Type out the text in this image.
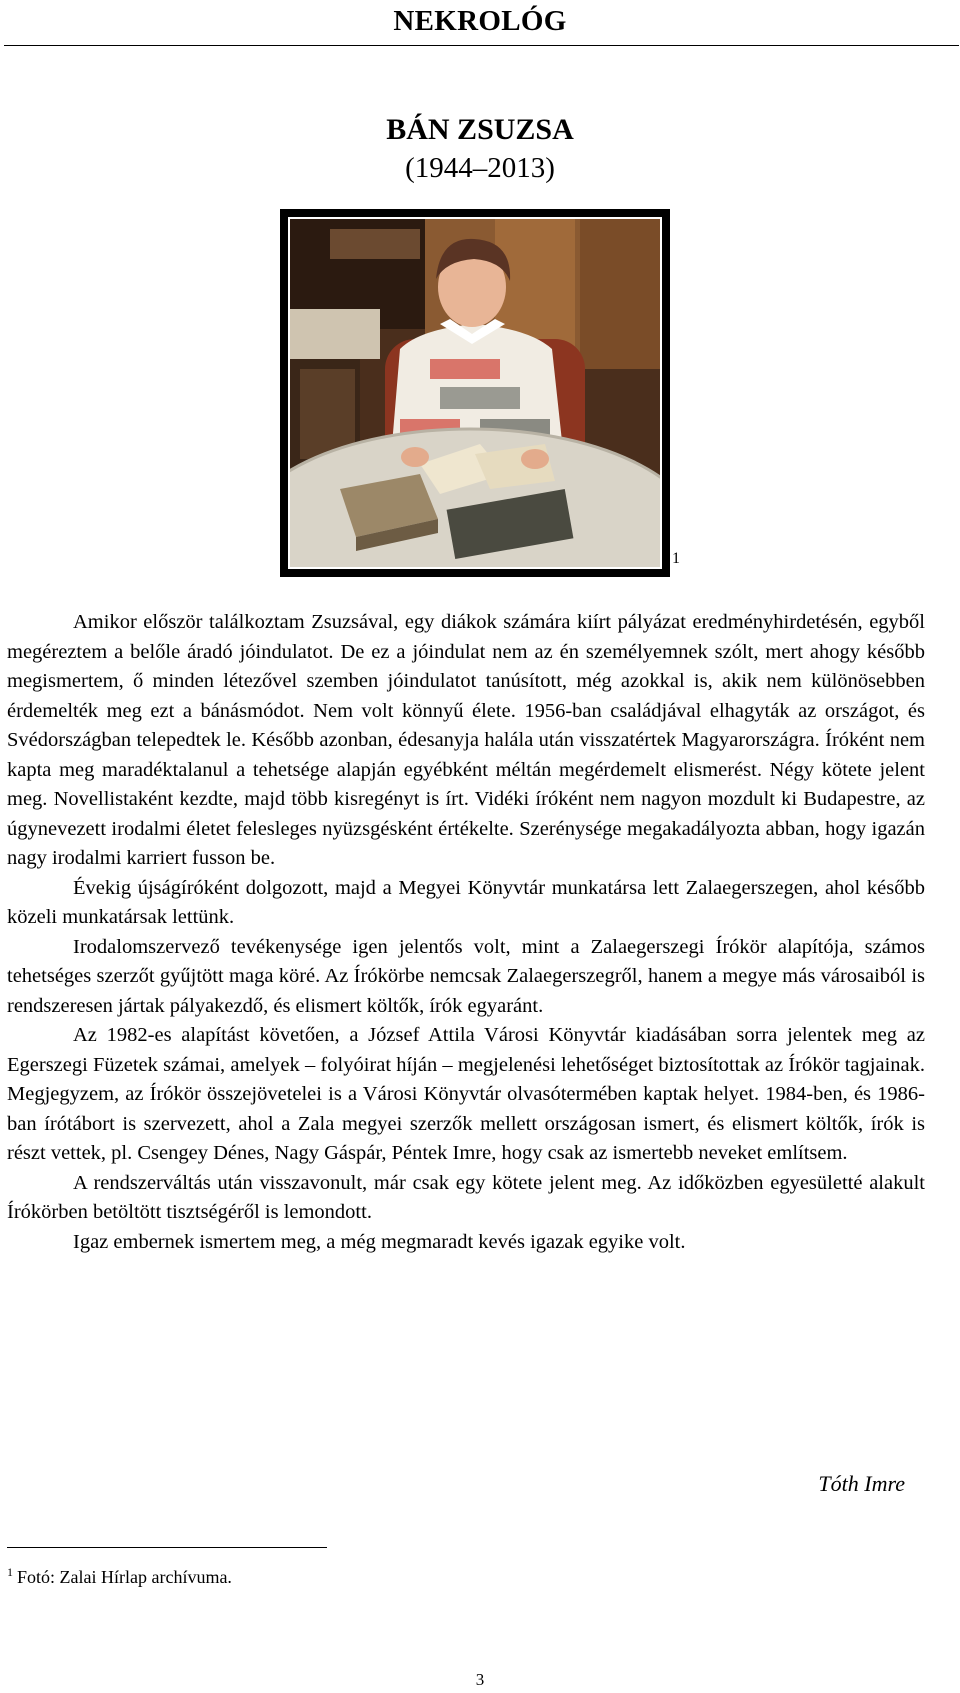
NEKROLÓG
BÁN ZSUZSA
(1944–2013)
1

Amikor először találkoztam Zsuzsával, egy diákok számára kiírt pályázat eredményhirdetésén, egyből megéreztem a belőle áradó jóindulatot. De ez a jóindulat nem az én személyemnek szólt, mert ahogy később megismertem, ő minden létezővel szemben jóindulatot tanúsított, még azokkal is, akik nem különösebben érdemelték meg ezt a bánásmódot. Nem volt könnyű élete. 1956-ban családjával elhagyták az országot, és Svédországban telepedtek le. Később azonban, édesanyja halála után visszatértek Magyarországra. Íróként nem kapta meg maradéktalanul a tehetsége alapján egyébként méltán megérdemelt elismerést. Négy kötete jelent meg. Novellistaként kezdte, majd több kisregényt is írt. Vidéki íróként nem nagyon mozdult ki Budapestre, az úgynevezett irodalmi életet felesleges nyüzsgésként értékelte. Szerénysége megakadályozta abban, hogy igazán nagy irodalmi karriert fusson be.

Évekig újságíróként dolgozott, majd a Megyei Könyvtár munkatársa lett Zalaegerszegen, ahol később közeli munkatársak lettünk.

Irodalomszervező tevékenysége igen jelentős volt, mint a Zalaegerszegi Írókör alapítója, számos tehetséges szerzőt gyűjtött maga köré. Az Írókörbe nemcsak Zalaegerszegről, hanem a megye más városaiból is rendszeresen jártak pályakezdő, és elismert költők, írók egyaránt.

Az 1982-es alapítást követően, a József Attila Városi Könyvtár kiadásában sorra jelentek meg az Egerszegi Füzetek számai, amelyek – folyóirat híján – megjelenési lehetőséget biztosítottak az Írókör tagjainak. Megjegyzem, az Írókör összejövetelei is a Városi Könyvtár olvasótermében kaptak helyet. 1984-ben, és 1986-ban írótábort is szervezett, ahol a Zala megyei szerzők mellett országosan ismert, és elismert költők, írók is részt vettek, pl. Csengey Dénes, Nagy Gáspár, Péntek Imre, hogy csak az ismertebb neveket említsem.

A rendszerváltás után visszavonult, már csak egy kötete jelent meg. Az időközben egyesületté alakult Írókörben betöltött tisztségéről is lemondott.

Igaz embernek ismertem meg, a még megmaradt kevés igazak egyike volt.

Tóth Imre
$^1$ Fotó: Zalai Hírlap archívuma.
3
